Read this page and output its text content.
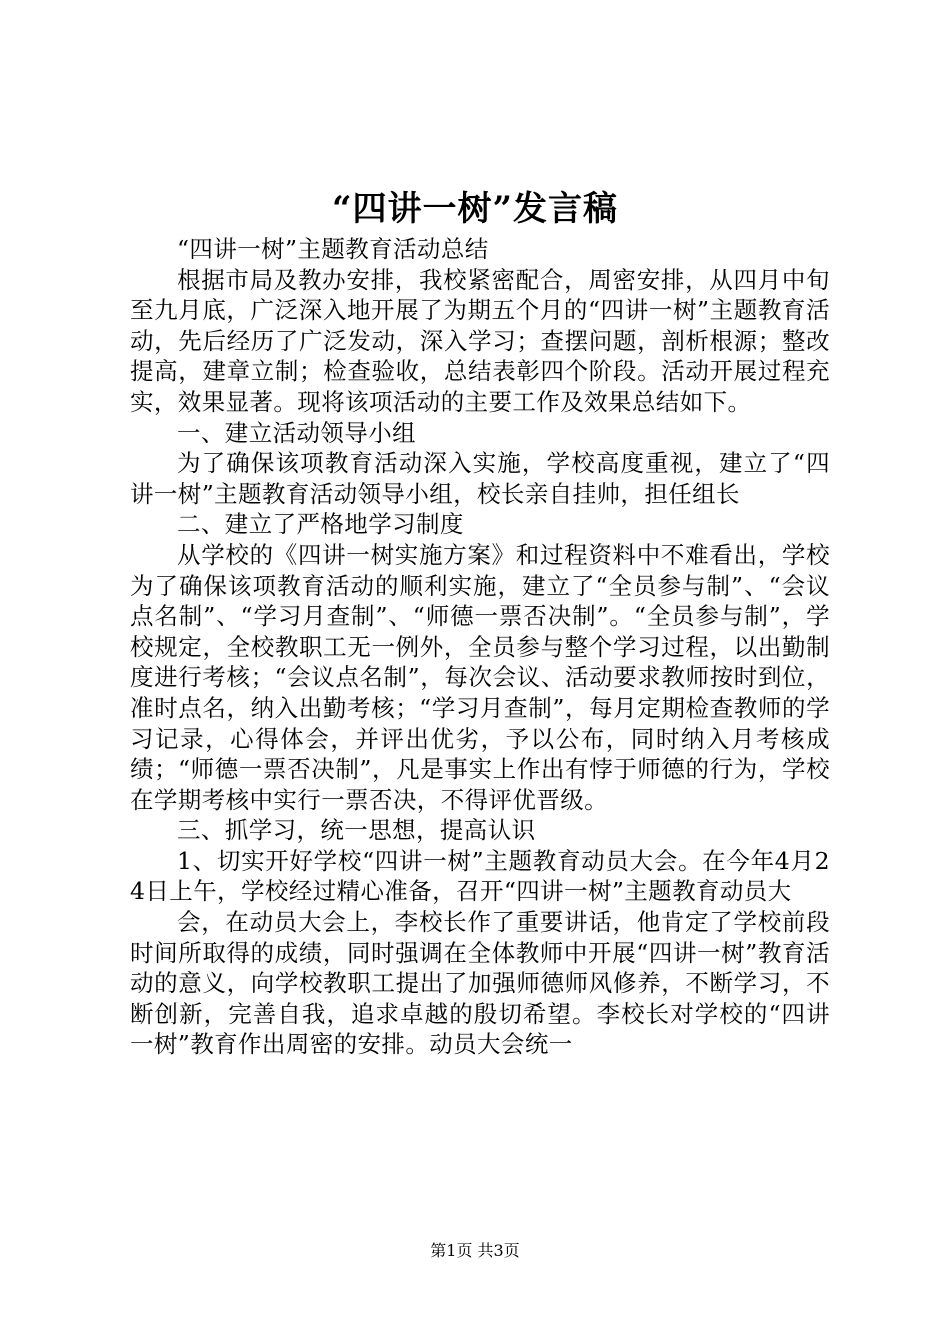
“四讲一树”发言稿

“四讲一树”主题教育活动总结

根据市局及教办安排，我校紧密配合，周密安排，从四月中旬至九月底，广泛深入地开展了为期五个月的“四讲一树”主题教育活动，先后经历了广泛发动，深入学习；查摆问题，剖析根源；整改提高，建章立制；检查验收，总结表彰四个阶段。活动开展过程充实，效果显著。现将该项活动的主要工作及效果总结如下。

一、建立活动领导小组

为了确保该项教育活动深入实施，学校高度重视，建立了“四讲一树”主题教育活动领导小组，校长亲自挂帅，担任组长

二、建立了严格地学习制度

从学校的《四讲一树实施方案》和过程资料中不难看出，学校为了确保该项教育活动的顺利实施，建立了“全员参与制”、“会议点名制”、“学习月查制”、“师德一票否决制”。“全员参与制”，学校规定，全校教职工无一例外，全员参与整个学习过程，以出勤制度进行考核；“会议点名制”，每次会议、活动要求教师按时到位，准时点名，纳入出勤考核；“学习月查制”，每月定期检查教师的学习记录，心得体会，并评出优劣，予以公布，同时纳入月考核成绩；“师德一票否决制”，凡是事实上作出有悖于师德的行为，学校在学期考核中实行一票否决，不得评优晋级。

三、抓学习，统一思想，提高认识

1、切实开好学校“四讲一树”主题教育动员大会。在今年4月24日上午，学校经过精心准备，召开“四讲一树”主题教育动员大

会，在动员大会上，李校长作了重要讲话，他肯定了学校前段时间所取得的成绩，同时强调在全体教师中开展“四讲一树”教育活动的意义，向学校教职工提出了加强师德师风修养，不断学习，不断创新，完善自我，追求卓越的殷切希望。李校长对学校的“四讲一树”教育作出周密的安排。动员大会统一

第1页 共3页
